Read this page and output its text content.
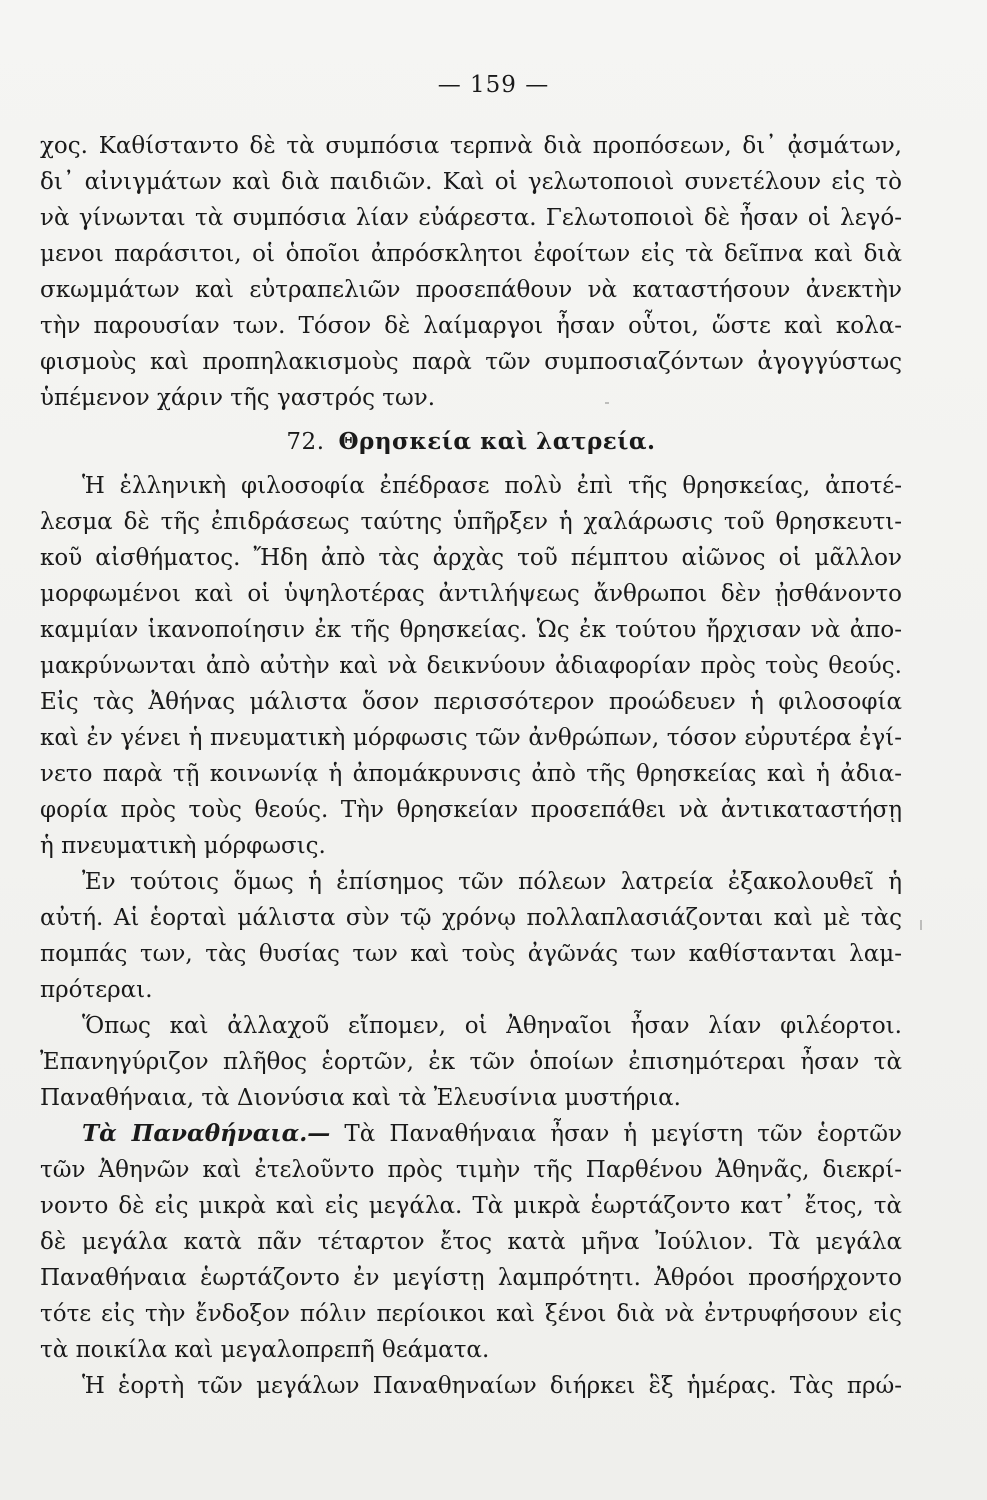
— 159 —
χος. Καθίσταντο δὲ τὰ συμπόσια τερπνὰ διὰ προπόσεων, δι᾽ ᾀσμάτων,
δι᾽ αἰνιγμάτων καὶ διὰ παιδιῶν. Καὶ οἱ γελωτοποιοὶ συνετέλουν εἰς τὸ
νὰ γίνωνται τὰ συμπόσια λίαν εὐάρεστα. Γελωτοποιοὶ δὲ ἦσαν οἱ λεγό-
μενοι παράσιτοι, οἱ ὁποῖοι ἀπρόσκλητοι ἐφοίτων εἰς τὰ δεῖπνα καὶ διὰ
σκωμμάτων καὶ εὐτραπελιῶν προσεπάθουν νὰ καταστήσουν ἀνεκτὴν
τὴν παρουσίαν των. Τόσον δὲ λαίμαργοι ἦσαν οὗτοι, ὥστε καὶ κολα-
φισμοὺς καὶ προπηλακισμοὺς παρὰ τῶν συμποσιαζόντων ἀγογγύστως
ὑπέμενον χάριν τῆς γαστρός των.
72. Θρησκεία καὶ λατρεία.
Ἡ ἑλληνικὴ φιλοσοφία ἐπέδρασε πολὺ ἐπὶ τῆς θρησκείας, ἀποτέ-
λεσμα δὲ τῆς ἐπιδράσεως ταύτης ὑπῆρξεν ἡ χαλάρωσις τοῦ θρησκευτι-
κοῦ αἰσθήματος. Ἤδη ἀπὸ τὰς ἀρχὰς τοῦ πέμπτου αἰῶνος οἱ μᾶλλον
μορφωμένοι καὶ οἱ ὑψηλοτέρας ἀντιλήψεως ἄνθρωποι δὲν ᾐσθάνοντο
καμμίαν ἱκανοποίησιν ἐκ τῆς θρησκείας. Ὡς ἐκ τούτου ἤρχισαν νὰ ἀπο-
μακρύνωνται ἀπὸ αὐτὴν καὶ νὰ δεικνύουν ἀδιαφορίαν πρὸς τοὺς θεούς.
Εἰς τὰς Ἀθήνας μάλιστα ὅσον περισσότερον προώδευεν ἡ φιλοσοφία
καὶ ἐν γένει ἡ πνευματικὴ μόρφωσις τῶν ἀνθρώπων, τόσον εὐρυτέρα ἐγί-
νετο παρὰ τῇ κοινωνίᾳ ἡ ἀπομάκρυνσις ἀπὸ τῆς θρησκείας καὶ ἡ ἀδια-
φορία πρὸς τοὺς θεούς. Τὴν θρησκείαν προσεπάθει νὰ ἀντικαταστήσῃ
ἡ πνευματικὴ μόρφωσις.
Ἐν τούτοις ὅμως ἡ ἐπίσημος τῶν πόλεων λατρεία ἐξακολουθεῖ ἡ
αὐτή. Αἱ ἑορταὶ μάλιστα σὺν τῷ χρόνῳ πολλαπλασιάζονται καὶ μὲ τὰς
πομπάς των, τὰς θυσίας των καὶ τοὺς ἀγῶνάς των καθίστανται λαμ-
πρότεραι.
Ὅπως καὶ ἀλλαχοῦ εἴπομεν, οἱ Ἀθηναῖοι ἦσαν λίαν φιλέορτοι.
Ἐπανηγύριζον πλῆθος ἑορτῶν, ἐκ τῶν ὁποίων ἐπισημότεραι ἦσαν τὰ
Παναθήναια, τὰ Διονύσια καὶ τὰ Ἐλευσίνια μυστήρια.
Τὰ Παναθήναια.— Τὰ Παναθήναια ἦσαν ἡ μεγίστη τῶν ἑορτῶν
τῶν Ἀθηνῶν καὶ ἐτελοῦντο πρὸς τιμὴν τῆς Παρθένου Ἀθηνᾶς, διεκρί-
νοντο δὲ εἰς μικρὰ καὶ εἰς μεγάλα. Τὰ μικρὰ ἑωρτάζοντο κατ᾽ ἔτος, τὰ
δὲ μεγάλα κατὰ πᾶν τέταρτον ἔτος κατὰ μῆνα Ἰούλιον. Τὰ μεγάλα
Παναθήναια ἑωρτάζοντο ἐν μεγίστῃ λαμπρότητι. Ἀθρόοι προσήρχοντο
τότε εἰς τὴν ἔνδοξον πόλιν περίοικοι καὶ ξένοι διὰ νὰ ἐντρυφήσουν εἰς
τὰ ποικίλα καὶ μεγαλοπρεπῆ θεάματα.
Ἡ ἑορτὴ τῶν μεγάλων Παναθηναίων διήρκει ἓξ ἡμέρας. Τὰς πρώ-
